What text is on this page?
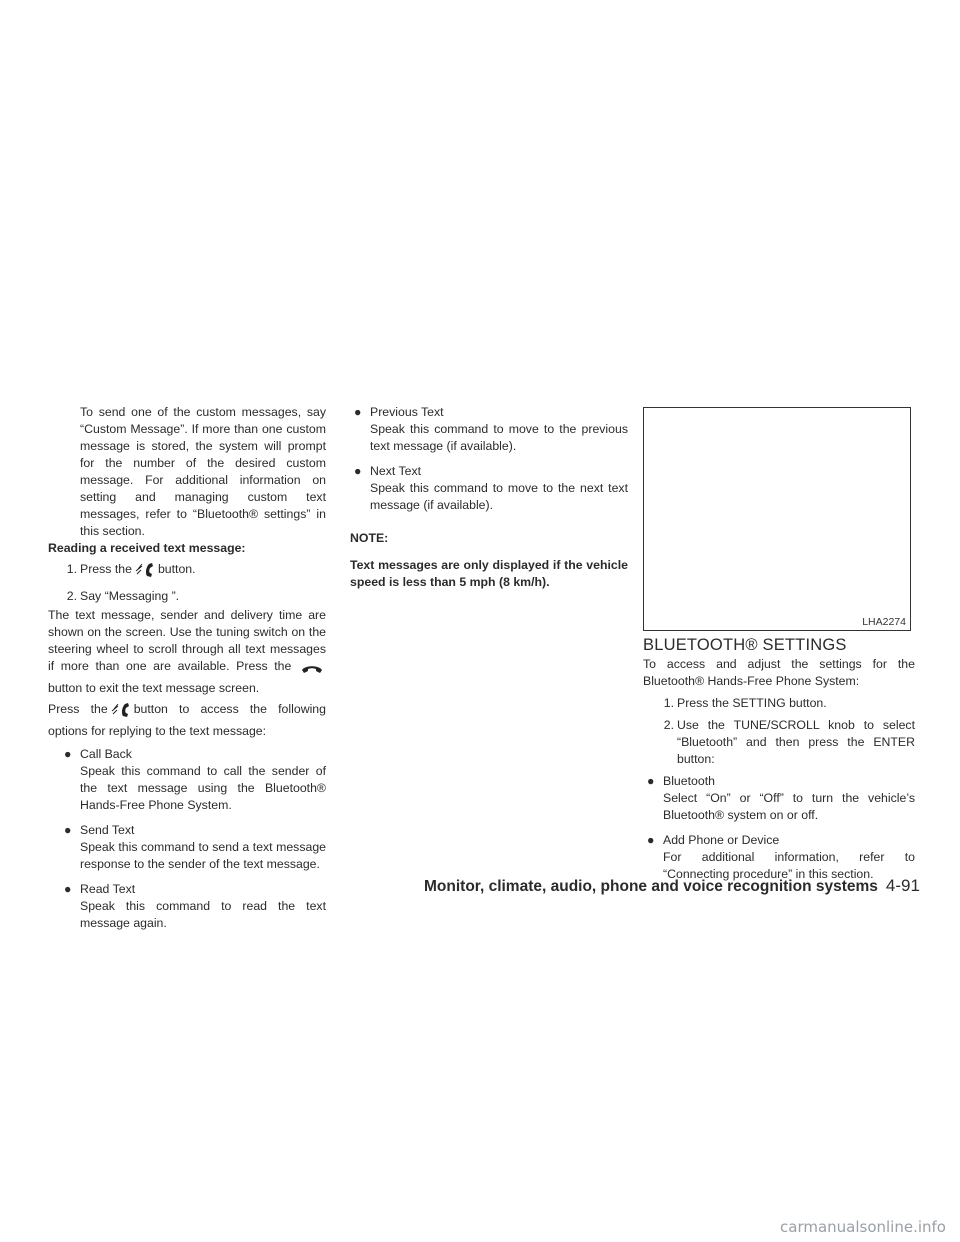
To send one of the custom messages, say “Custom Message”. If more than one custom message is stored, the system will prompt for the number of the desired custom message. For additional information on setting and managing custom text messages, refer to “Bluetooth® settings” in this section.

Reading a received text message:

1. Press the button.
2. Say “Messaging ”.

The text message, sender and delivery time are shown on the screen. Use the tuning switch on the steering wheel to scroll through all text messages if more than one are available. Press the  button to exit the text message screen.

Press the button to access the following options for replying to the text message:

● Call Back
Speak this command to call the sender of the text message using the Bluetooth® Hands-Free Phone System.
● Send Text
Speak this command to send a text message response to the sender of the text message.
● Read Text
Speak this command to read the text message again.
● Previous Text
Speak this command to move to the previous text message (if available).
● Next Text
Speak this command to move to the next text message (if available).

NOTE:

Text messages are only displayed if the vehicle speed is less than 5 mph (8 km/h).

LHA2274
BLUETOOTH® SETTINGS

To access and adjust the settings for the Bluetooth® Hands-Free Phone System:

1. Press the SETTING button.
2. Use the TUNE/SCROLL knob to select “Bluetooth” and then press the ENTER button:
● Bluetooth
Select “On” or “Off” to turn the vehicle’s Bluetooth® system on or off.
● Add Phone or Device
For additional information, refer to “Connecting procedure” in this section.
Monitor, climate, audio, phone and voice recognition systems 4-91
carmanualsonline.info
